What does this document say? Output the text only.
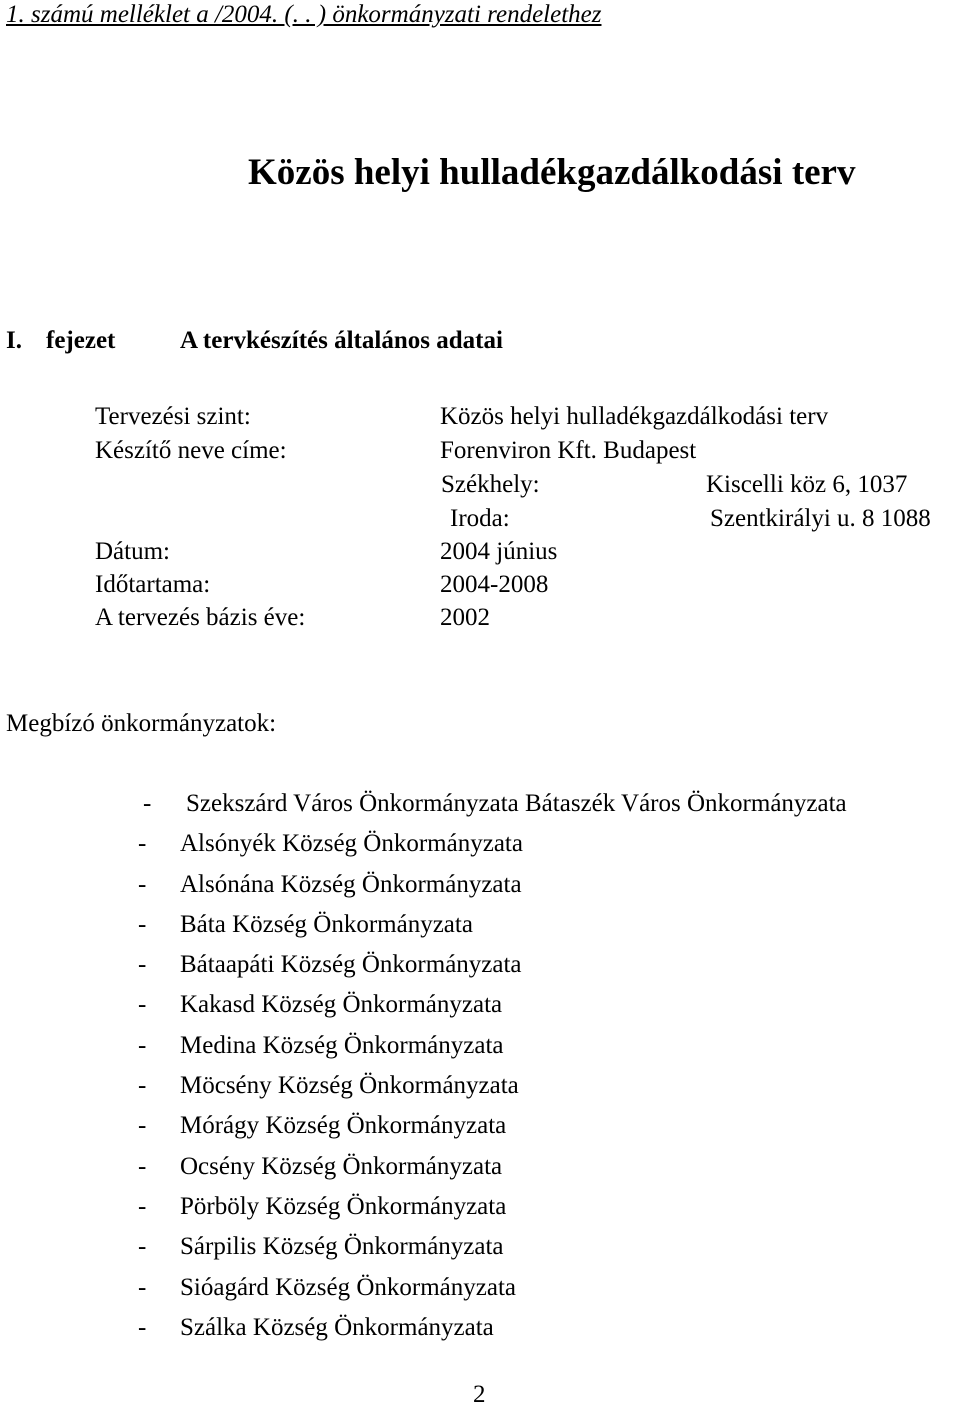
1. számú melléklet a /2004. (. . ) önkormányzati rendelethez
Közös helyi hulladékgazdálkodási terv
I. fejezet	A tervkészítés általános adatai
Tervezési szint:	Közös helyi hulladékgazdálkodási terv
Készítő neve címe:	Forenviron Kft. Budapest
Székhely:	Kiscelli köz 6, 1037
Iroda:	Szentkirályi u. 8 1088
Dátum:	2004 június
Időtartama:	2004-2008
A tervezés bázis éve:	2002
Megbízó önkormányzatok:
- Szekszárd Város Önkormányzata Bátaszék Város Önkormányzata
- Alsónyék Község Önkormányzata
- Alsónána Község Önkormányzata
- Báta Község Önkormányzata
- Bátaapáti Község Önkormányzata
- Kakasd Község Önkormányzata
- Medina Község Önkormányzata
- Möcsény Község Önkormányzata
- Mórágy Község Önkormányzata
- Ocsény Község Önkormányzata
- Pörböly Község Önkormányzata
- Sárpilis Község Önkormányzata
- Sióagárd Község Önkormányzata
- Szálka Község Önkormányzata
2
